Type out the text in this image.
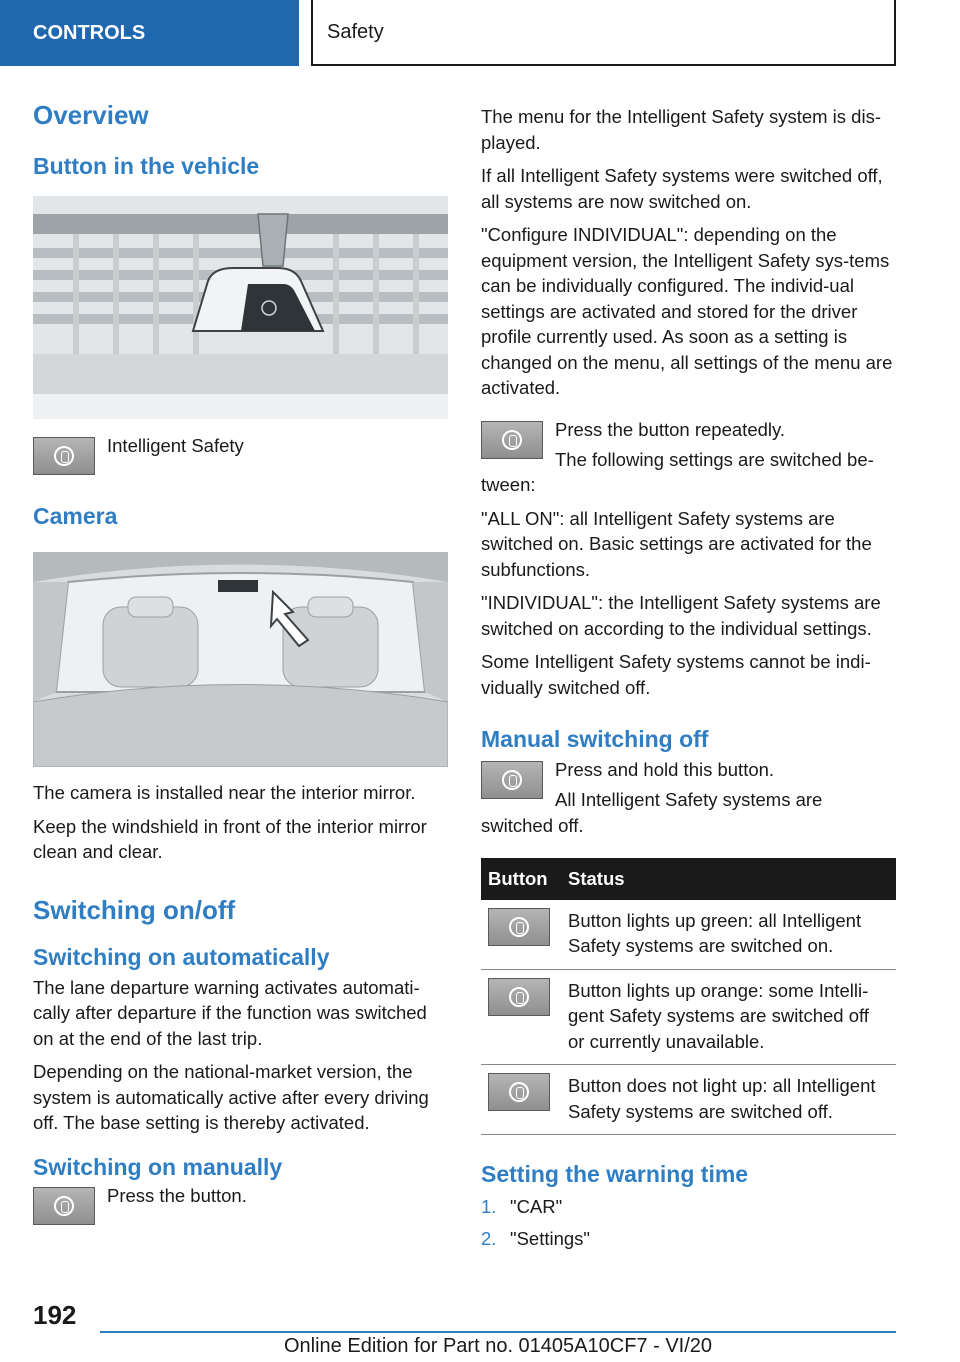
CONTROLS	Safety
Overview
Button in the vehicle
Intelligent Safety
Camera

The camera is installed near the interior mirror.

Keep the windshield in front of the interior mirror clean and clear.

Switching on/off
Switching on automatically

The lane departure warning activates automati-cally after departure if the function was switched on at the end of the last trip.

Depending on the national-market version, the system is automatically active after every driving off. The base setting is thereby activated.

Switching on manually
Press the button.

The menu for the Intelligent Safety system is dis-played.

If all Intelligent Safety systems were switched off, all systems are now switched on.

"Configure INDIVIDUAL": depending on the equipment version, the Intelligent Safety sys-tems can be individually configured. The individ-ual settings are activated and stored for the driver profile currently used. As soon as a setting is changed on the menu, all settings of the menu are activated.

Press the button repeatedly.

The following settings are switched be-tween:

"ALL ON": all Intelligent Safety systems are switched on. Basic settings are activated for the subfunctions.

"INDIVIDUAL": the Intelligent Safety systems are switched on according to the individual settings.

Some Intelligent Safety systems cannot be indi-vidually switched off.

Manual switching off
Press and hold this button.

All Intelligent Safety systems are switched off.

Button	Status

	Button lights up green: all Intelligent Safety systems are switched on.

	Button lights up orange: some Intelli-gent Safety systems are switched off or currently unavailable.

	Button does not light up: all Intelligent Safety systems are switched off.
Setting the warning time
1. "CAR"
2. "Settings"
192
Online Edition for Part no. 01405A10CF7 - VI/20
